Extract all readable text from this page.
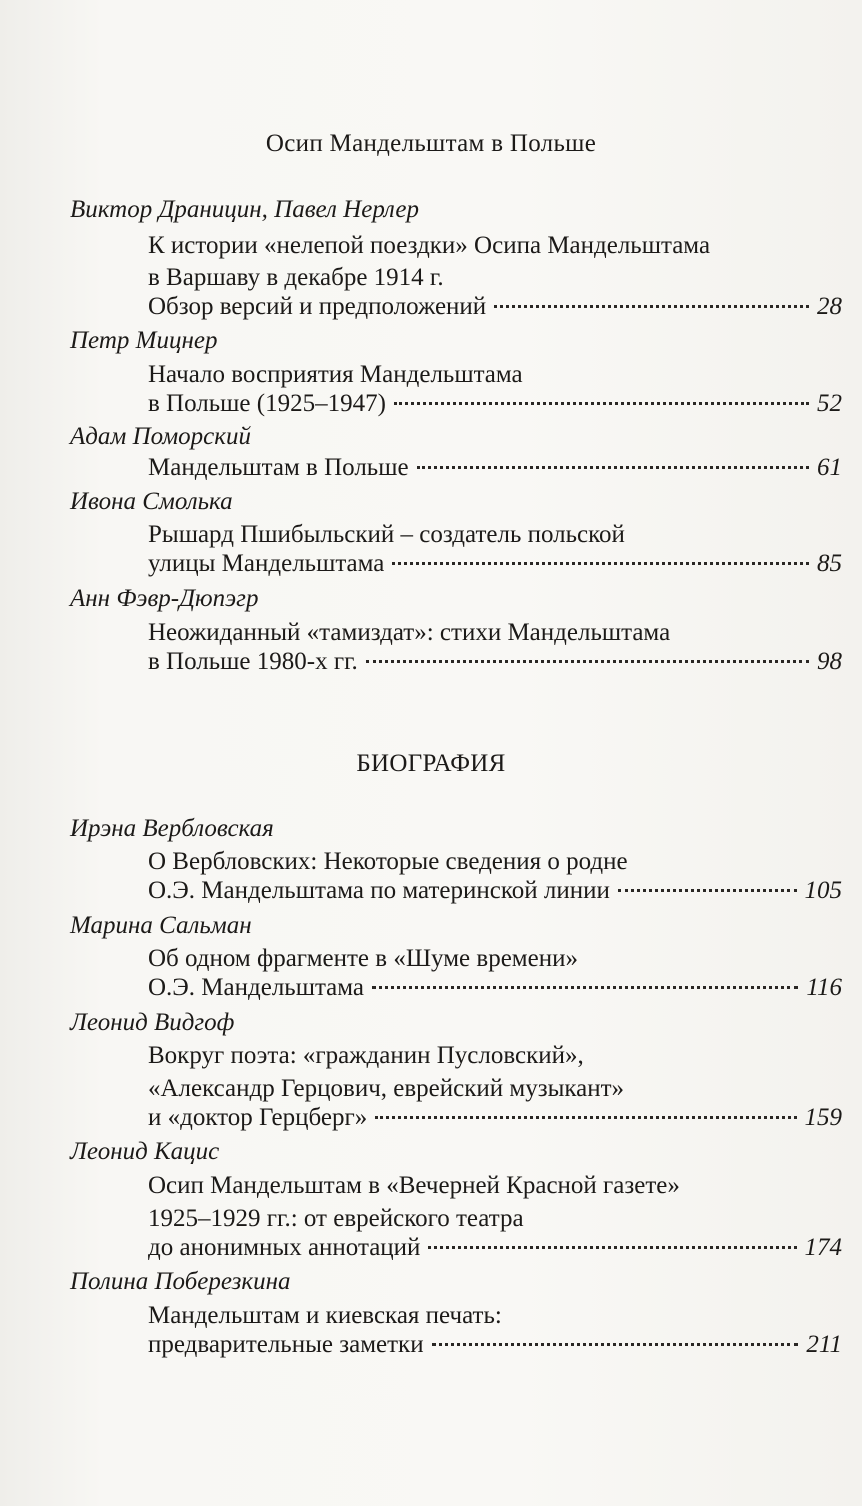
Осип Мандельштам в Польше
Виктор Драницин, Павел Нерлер
К истории «нелепой поездки» Осипа Мандельштама
в Варшаву в декабре 1914 г.
Обзор версий и предположений	28
Петр Мицнер
Начало восприятия Мандельштама
в Польше (1925–1947)	52
Адам Поморский
Мандельштам в Польше	61
Ивона Смолька
Рышард Пшибыльский – создатель польской
улицы Мандельштама	85
Анн Фэвр-Дюпэгр
Неожиданный «тамиздат»: стихи Мандельштама
в Польше 1980-х гг.	98
БИОГРАФИЯ
Ирэна Вербловская
О Вербловских: Некоторые сведения о родне
О.Э. Мандельштама по материнской линии	105
Марина Сальман
Об одном фрагменте в «Шуме времени»
О.Э. Мандельштама	116
Леонид Видгоф
Вокруг поэта: «гражданин Пусловский»,
«Александр Герцович, еврейский музыкант»
и «доктор Герцберг»	159
Леонид Кацис
Осип Мандельштам в «Вечерней Красной газете»
1925–1929 гг.: от еврейского театра
до анонимных аннотаций	174
Полина Поберезкина
Мандельштам и киевская печать:
предварительные заметки	211
